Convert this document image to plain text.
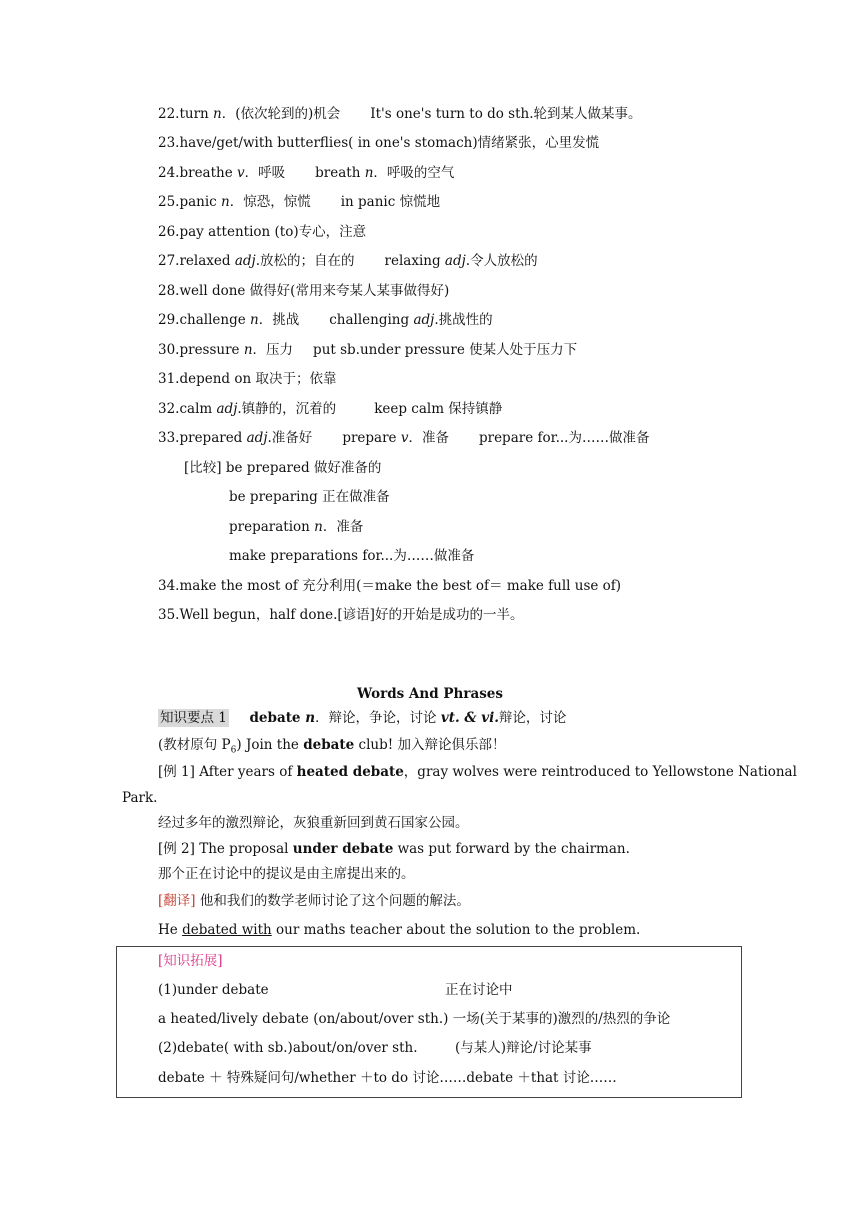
22.turn n．(依次轮到的)机会 It's one's turn to do sth.轮到某人做某事。
23.have/get/with butterflies( in one's stomach)情绪紧张，心里发慌
24.breathe v．呼吸 breath n．呼吸的空气
25.panic n．惊恐，惊慌 in panic 惊慌地
26.pay attention (to)专心，注意
27.relaxed adj.放松的；自在的 relaxing adj.令人放松的
28.well done 做得好(常用来夸某人某事做得好)
29.challenge n．挑战 challenging adj.挑战性的
30.pressure n．压力 put sb.under pressure 使某人处于压力下
31.depend on 取决于；依靠
32.calm adj.镇静的，沉着的	keep calm 保持镇静
33.prepared adj.准备好 prepare v．准备 prepare for...为……做准备
[比较] be prepared 做好准备的
be preparing 正在做准备
preparation n．准备
make preparations for...为……做准备
34.make the most of 充分利用(＝make the best of＝ make full use of)
35.Well begun，half done.[谚语]好的开始是成功的一半。
Words And Phrases
知识要点 1 debate n．辩论，争论，讨论 vt. & vi.辩论，讨论
(教材原句 $P_6$) Join the debate club! 加入辩论俱乐部！
[例 1] After years of heated debate，gray wolves were reintroduced to Yellowstone National
Park.
经过多年的激烈辩论，灰狼重新回到黄石国家公园。
[例 2] The proposal under debate was put forward by the chairman.
那个正在讨论中的提议是由主席提出来的。
[翻译] 他和我们的数学老师讨论了这个问题的解法。
He debated with our maths teacher about the solution to the problem.
[知识拓展]
(1)under debate	正在讨论中
a heated/lively debate (on/about/over sth.) 一场(关于某事的)激烈的/热烈的争论
(2)debate( with sb.)about/on/over sth.	(与某人)辩论/讨论某事
debate ＋ 特殊疑问句/whether ＋to do 讨论……debate ＋that 讨论……
